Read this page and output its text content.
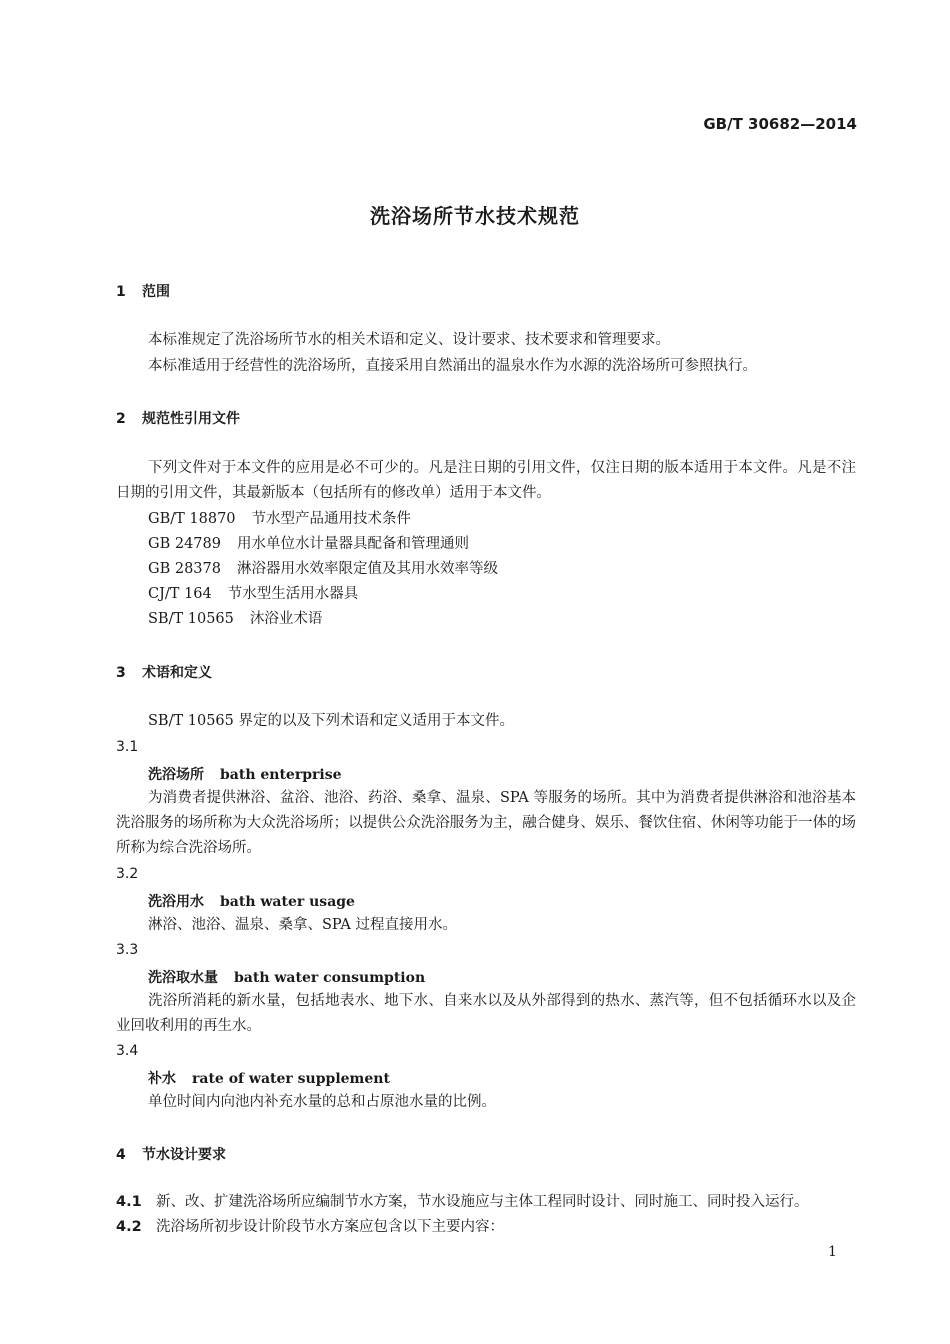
GB/T 30682—2014
洗浴场所节水技术规范
1 范围
本标准规定了洗浴场所节水的相关术语和定义、设计要求、技术要求和管理要求。
本标准适用于经营性的洗浴场所，直接采用自然涌出的温泉水作为水源的洗浴场所可参照执行。
2 规范性引用文件
下列文件对于本文件的应用是必不可少的。凡是注日期的引用文件，仅注日期的版本适用于本文件。凡是不注日期的引用文件，其最新版本（包括所有的修改单）适用于本文件。
GB/T 18870 节水型产品通用技术条件
GB 24789 用水单位水计量器具配备和管理通则
GB 28378 淋浴器用水效率限定值及其用水效率等级
CJ/T 164 节水型生活用水器具
SB/T 10565 沐浴业术语
3 术语和定义
SB/T 10565 界定的以及下列术语和定义适用于本文件。
3.1
洗浴场所 bath enterprise
为消费者提供淋浴、盆浴、池浴、药浴、桑拿、温泉、SPA 等服务的场所。其中为消费者提供淋浴和池浴基本洗浴服务的场所称为大众洗浴场所；以提供公众洗浴服务为主，融合健身、娱乐、餐饮住宿、休闲等功能于一体的场所称为综合洗浴场所。
3.2
洗浴用水 bath water usage
淋浴、池浴、温泉、桑拿、SPA 过程直接用水。
3.3
洗浴取水量 bath water consumption
洗浴所消耗的新水量，包括地表水、地下水、自来水以及从外部得到的热水、蒸汽等，但不包括循环水以及企业回收利用的再生水。
3.4
补水 rate of water supplement
单位时间内向池内补充水量的总和占原池水量的比例。
4 节水设计要求
4.1 新、改、扩建洗浴场所应编制节水方案，节水设施应与主体工程同时设计、同时施工、同时投入运行。
4.2 洗浴场所初步设计阶段节水方案应包含以下主要内容：
1
